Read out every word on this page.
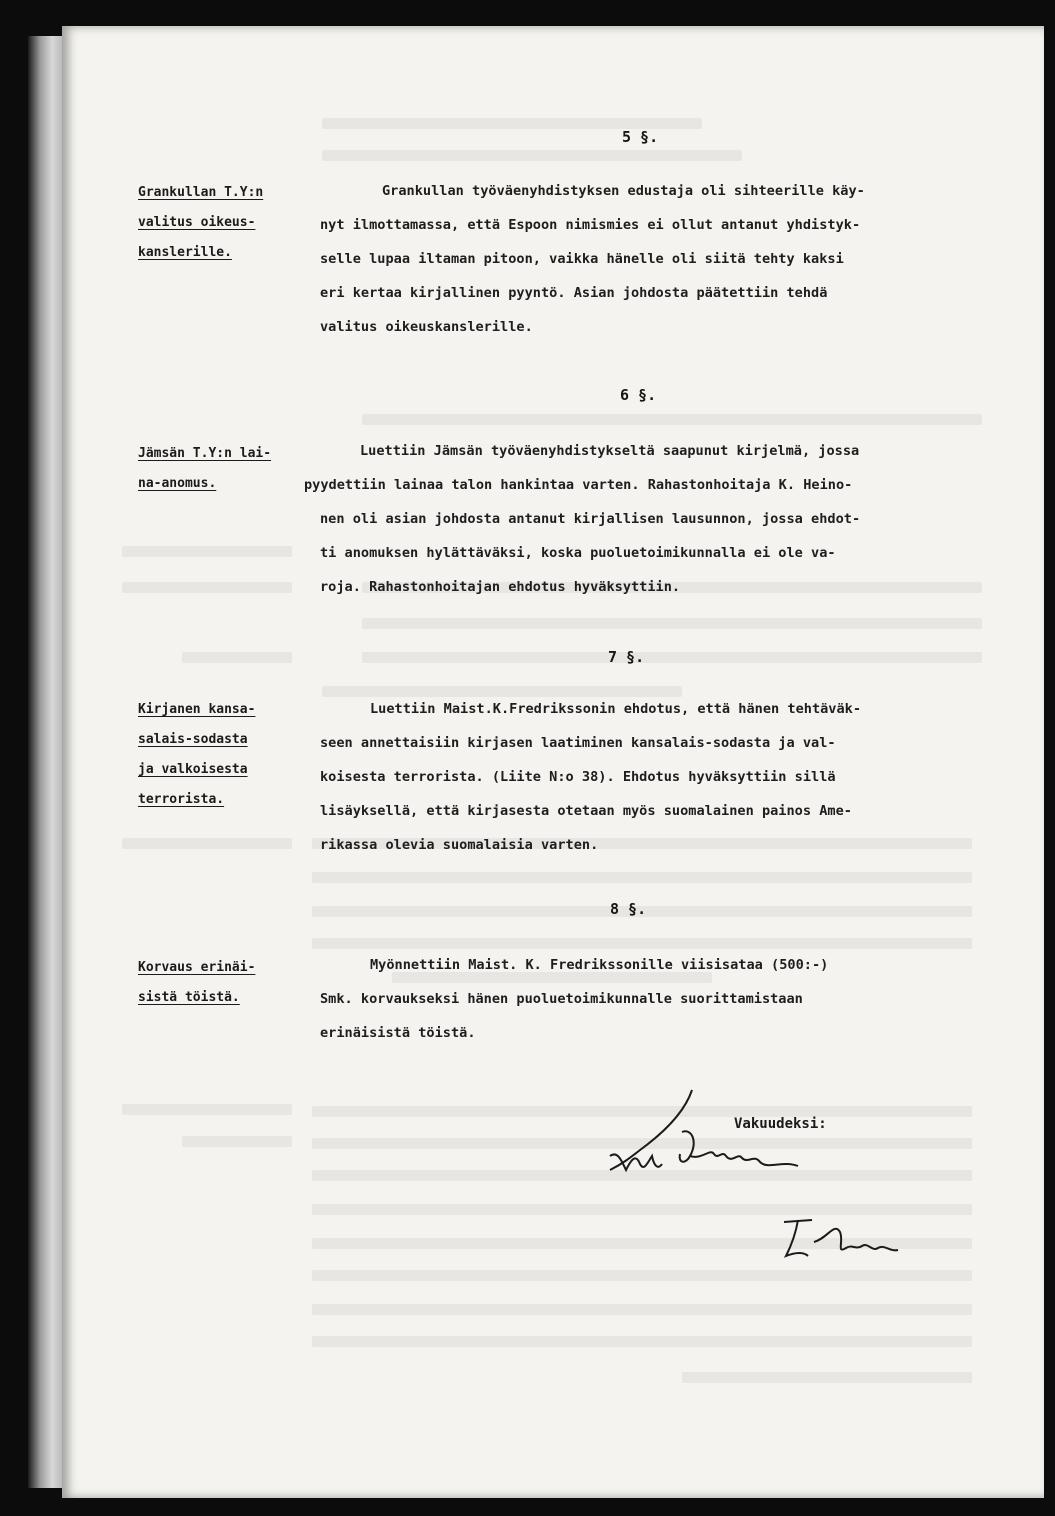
5 §.
Grankullan T.Y:n
valitus oikeus-
kanslerille.
Grankullan työväenyhdistyksen edustaja oli sihteerille käy-
nyt ilmottamassa, että Espoon nimismies ei ollut antanut yhdistyk-
selle lupaa iltaman pitoon, vaikka hänelle oli siitä tehty kaksi
eri kertaa kirjallinen pyyntö. Asian johdosta päätettiin tehdä
valitus oikeuskanslerille.
6 §.
Jämsän T.Y:n lai-
na-anomus.
Luettiin Jämsän työväenyhdistykseltä saapunut kirjelmä, jossa
pyydettiin lainaa talon hankintaa varten. Rahastonhoitaja K. Heino-
nen oli asian johdosta antanut kirjallisen lausunnon, jossa ehdot-
ti anomuksen hylättäväksi, koska puoluetoimikunnalla ei ole va-
roja. Rahastonhoitajan ehdotus hyväksyttiin.
7 §.
Kirjanen kansa-
salais-sodasta
ja valkoisesta
terrorista.
Luettiin Maist.K.Fredrikssonin ehdotus, että hänen tehtäväk-
seen annettaisiin kirjasen laatiminen kansalais-sodasta ja val-
koisesta terrorista. (Liite N:o 38). Ehdotus hyväksyttiin sillä
lisäyksellä, että kirjasesta otetaan myös suomalainen painos Ame-
rikassa olevia suomalaisia varten.
8 §.
Korvaus erinäi-
sistä töistä.
Myönnettiin Maist. K. Fredrikssonille viisisataa (500:-)
Smk. korvaukseksi hänen puoluetoimikunnalle suorittamistaan
erinäisistä töistä.
Vakuudeksi:
